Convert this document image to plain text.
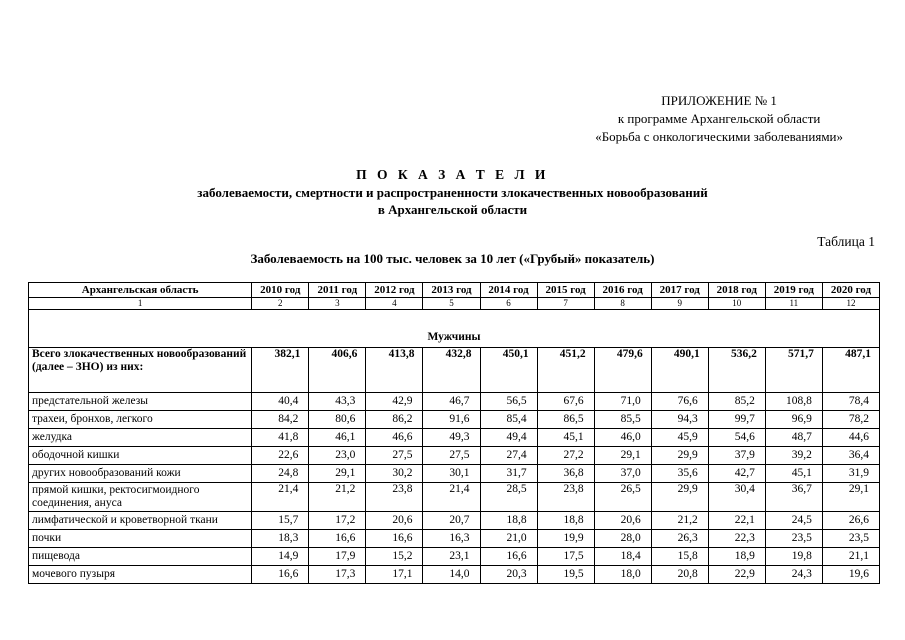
ПРИЛОЖЕНИЕ № 1
к программе Архангельской области
«Борьба с онкологическими заболеваниями»
П О К А З А Т Е Л И
заболеваемости, смертности и распространенности злокачественных новообразований
в Архангельской области
Таблица 1
Заболеваемость на 100 тыс. человек за 10 лет («Грубый» показатель)
Архангельская область	2010 год	2011 год	2012 год	2013 год	2014 год	2015 год	2016 год	2017 год	2018 год	2019 год	2020 год
1	2	3	4	5	6	7	8	9	10	11	12
Мужчины											
Всего злокачественных новообразований (далее – ЗНО) из них:	382,1	406,6	413,8	432,8	450,1	451,2	479,6	490,1	536,2	571,7	487,1
предстательной железы	40,4	43,3	42,9	46,7	56,5	67,6	71,0	76,6	85,2	108,8	78,4
трахеи, бронхов, легкого	84,2	80,6	86,2	91,6	85,4	86,5	85,5	94,3	99,7	96,9	78,2
желудка	41,8	46,1	46,6	49,3	49,4	45,1	46,0	45,9	54,6	48,7	44,6
ободочной кишки	22,6	23,0	27,5	27,5	27,4	27,2	29,1	29,9	37,9	39,2	36,4
других новообразований кожи	24,8	29,1	30,2	30,1	31,7	36,8	37,0	35,6	42,7	45,1	31,9
прямой кишки, ректосигмоидного соединения, ануса	21,4	21,2	23,8	21,4	28,5	23,8	26,5	29,9	30,4	36,7	29,1
лимфатической и кроветворной ткани	15,7	17,2	20,6	20,7	18,8	18,8	20,6	21,2	22,1	24,5	26,6
почки	18,3	16,6	16,6	16,3	21,0	19,9	28,0	26,3	22,3	23,5	23,5
пищевода	14,9	17,9	15,2	23,1	16,6	17,5	18,4	15,8	18,9	19,8	21,1
мочевого пузыря	16,6	17,3	17,1	14,0	20,3	19,5	18,0	20,8	22,9	24,3	19,6
